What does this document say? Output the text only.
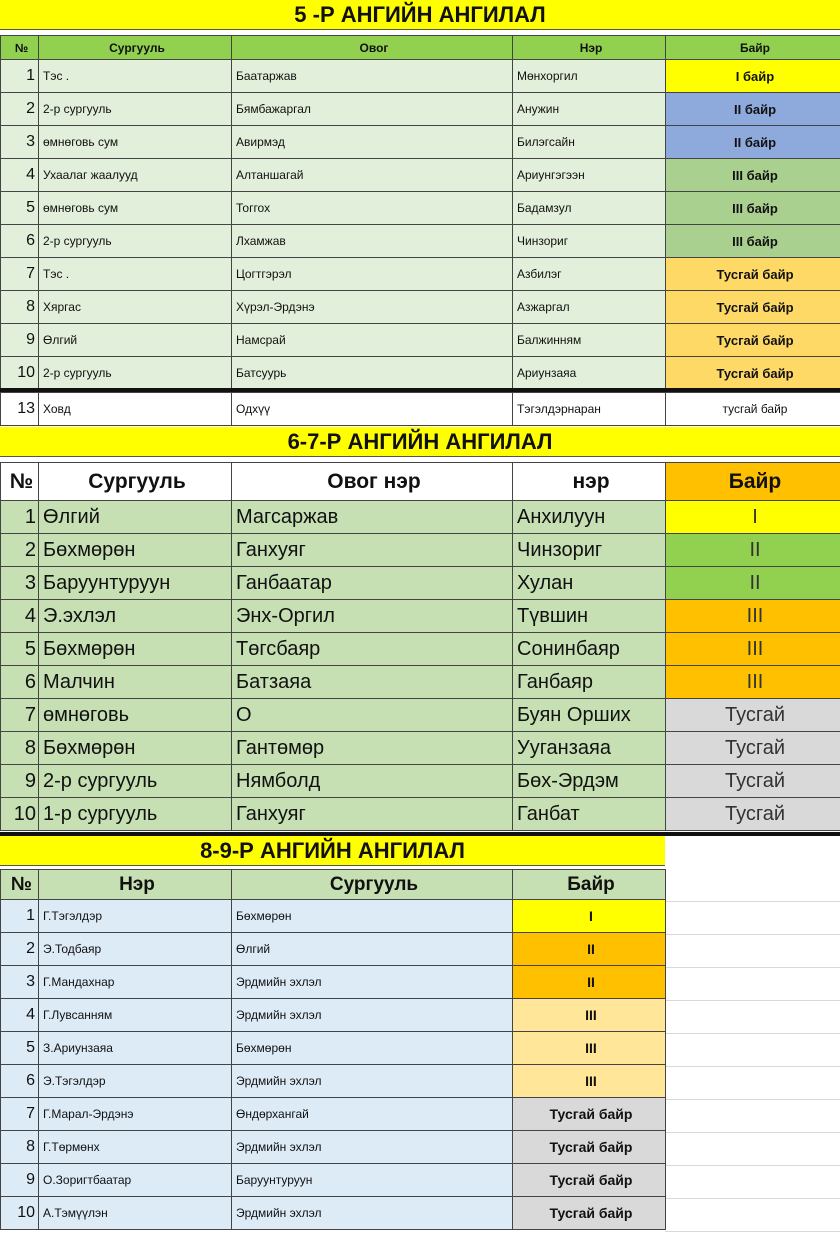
5 -Р АНГИЙН АНГИЛАЛ
№	Сургууль	Овог	Нэр	Байр
1	Тэс .	Баатаржав	Мөнхоргил	I байр
2	2-р сургууль	Бямбажаргал	Анужин	II байр
3	өмнөговь сум	Авирмэд	Билэгсайн	II байр
4	Ухаалаг жаалууд	Алтаншагай	Ариунгэгээн	III байр
5	өмнөговь сум	Тоггох	Бадамзул	III байр
6	2-р сургууль	Лхамжав	Чинзориг	III байр
7	Тэс .	Цогтгэрэл	Азбилэг	Тусгай байр
8	Хяргас	Хүрэл-Эрдэнэ	Азжаргал	Тусгай байр
9	Өлгий	Намсрай	Балжинням	Тусгай байр
10	2-р сургууль	Батсуурь	Ариунзаяа	Тусгай байр
13	Ховд	Одхүү	Тэгэлдэрнаран	тусгай байр
6-7-Р АНГИЙН АНГИЛАЛ
№	Сургууль	Овог нэр	нэр	Байр
1	Өлгий	Магсаржав	Анхилуун	I
2	Бөхмөрөн	Ганхуяг	Чинзориг	II
3	Баруунтуруун	Ганбаатар	Хулан	II
4	Э.эхлэл	Энх-Оргил	Түвшин	III
5	Бөхмөрөн	Төгсбаяр	Сонинбаяр	III
6	Малчин	Батзаяа	Ганбаяр	III
7	өмнөговь	О	Буян Орших	Тусгай
8	Бөхмөрөн	Гантөмөр	Ууганзаяа	Тусгай
9	2-р сургууль	Нямболд	Бөх-Эрдэм	Тусгай
10	1-р сургууль	Ганхуяг	Ганбат	Тусгай
8-9-Р АНГИЙН АНГИЛАЛ
№	Нэр	Сургууль	Байр
1	Г.Тэгэлдэр	Бөхмөрөн	I
2	Э.Тодбаяр	Өлгий	II
3	Г.Мандахнар	Эрдмийн эхлэл	II
4	Г.Лувсанням	Эрдмийн эхлэл	III
5	З.Ариунзаяа	Бөхмөрөн	III
6	Э.Тэгэлдэр	Эрдмийн эхлэл	III
7	Г.Марал-Эрдэнэ	Өндөрхангай	Тусгай байр
8	Г.Төрмөнх	Эрдмийн эхлэл	Тусгай байр
9	О.Зоригтбаатар	Баруунтуруун	Тусгай байр
10	А.Тэмүүлэн	Эрдмийн эхлэл	Тусгай байр
